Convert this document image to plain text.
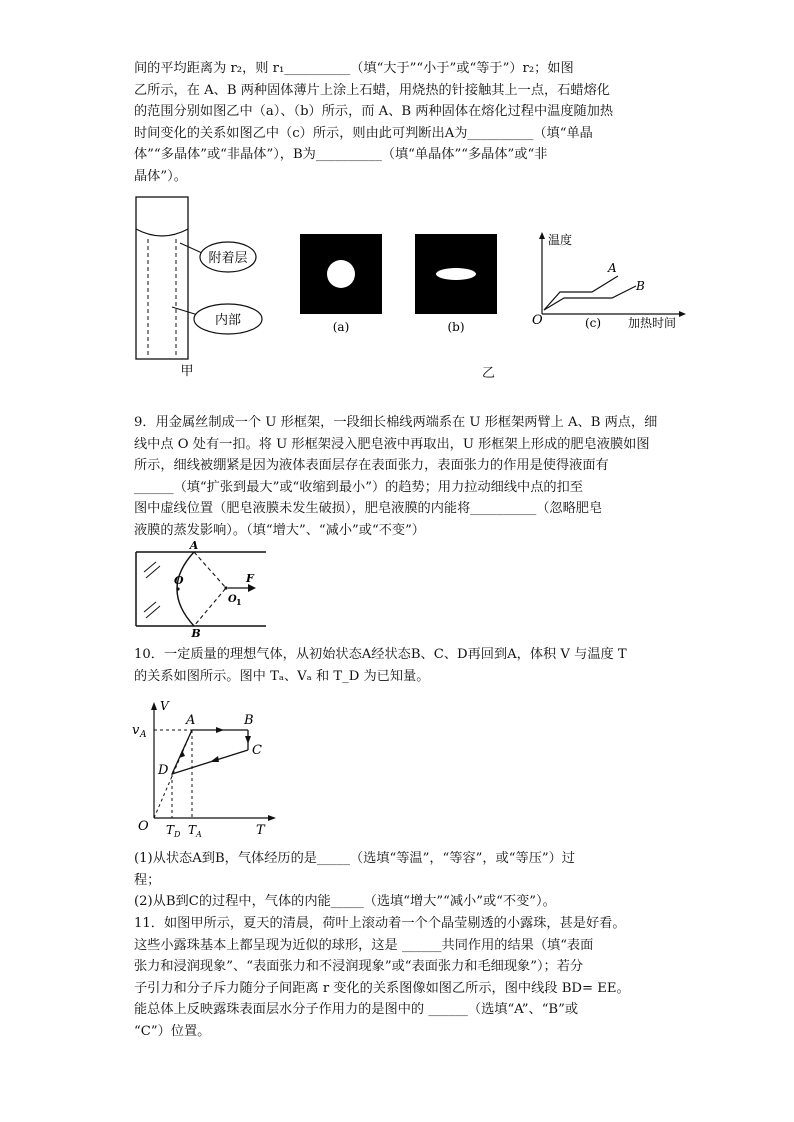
间的平均距离为 r₂，则 r₁__________（填“大于”“小于”或“等于”）r₂；如图

乙所示，在 A、B 两种固体薄片上涂上石蜡，用烧热的针接触其上一点，石蜡熔化

的范围分别如图乙中（a）、（b）所示，而 A、B 两种固体在熔化过程中温度随加热

时间变化的关系如图乙中（c）所示，则由此可判断出A为__________（填“单晶

体”“多晶体”或“非晶体”），B为__________（填“单晶体”“多晶体”或“非

晶体”）。

附着层
内部
甲
(a)	(b)
温度
O	(c) 加热时间
A
B
乙

9．用金属丝制成一个 U 形框架，一段细长棉线两端系在 U 形框架两臂上 A、B 两点，细

线中点 O 处有一扣。将 U 形框架浸入肥皂液中再取出，U 形框架上形成的肥皂液膜如图

所示，细线被绷紧是因为液体表面层存在表面张力，表面张力的作用是使得液面有

______（填“扩张到最大”或“收缩到最小”）的趋势；用力拉动细线中点的扣至

图中虚线位置（肥皂液膜未发生破损），肥皂液膜的内能将__________（忽略肥皂

液膜的蒸发影响）。（填“增大”、“减小”或“不变”）

A
B
O
O 1
F

10．一定质量的理想气体，从初始状态A经状态B、C、D再回到A，体积 V 与温度 T

的关系如图所示。图中 Tₐ、Vₐ 和 T_D 为已知量。

V
T
O
v A
A	B
C
D
T D T A

(1)从状态A到B，气体经历的是_____（选填“等温”，“等容”，或“等压”）过

程；

(2)从B到C的过程中，气体的内能_____（选填“增大”“减小”或“不变”）。

11．如图甲所示，夏天的清晨，荷叶上滚动着一个个晶莹剔透的小露珠，甚是好看。

这些小露珠基本上都呈现为近似的球形，这是 ______共同作用的结果（填“表面

张力和浸润现象”、“表面张力和不浸润现象”或“表面张力和毛细现象”）；若分

子引力和分子斥力随分子间距离 r 变化的关系图像如图乙所示，图中线段 BD= EE。

能总体上反映露珠表面层水分子作用力的是图中的 ______（选填“A”、“B”或

“C”）位置。
